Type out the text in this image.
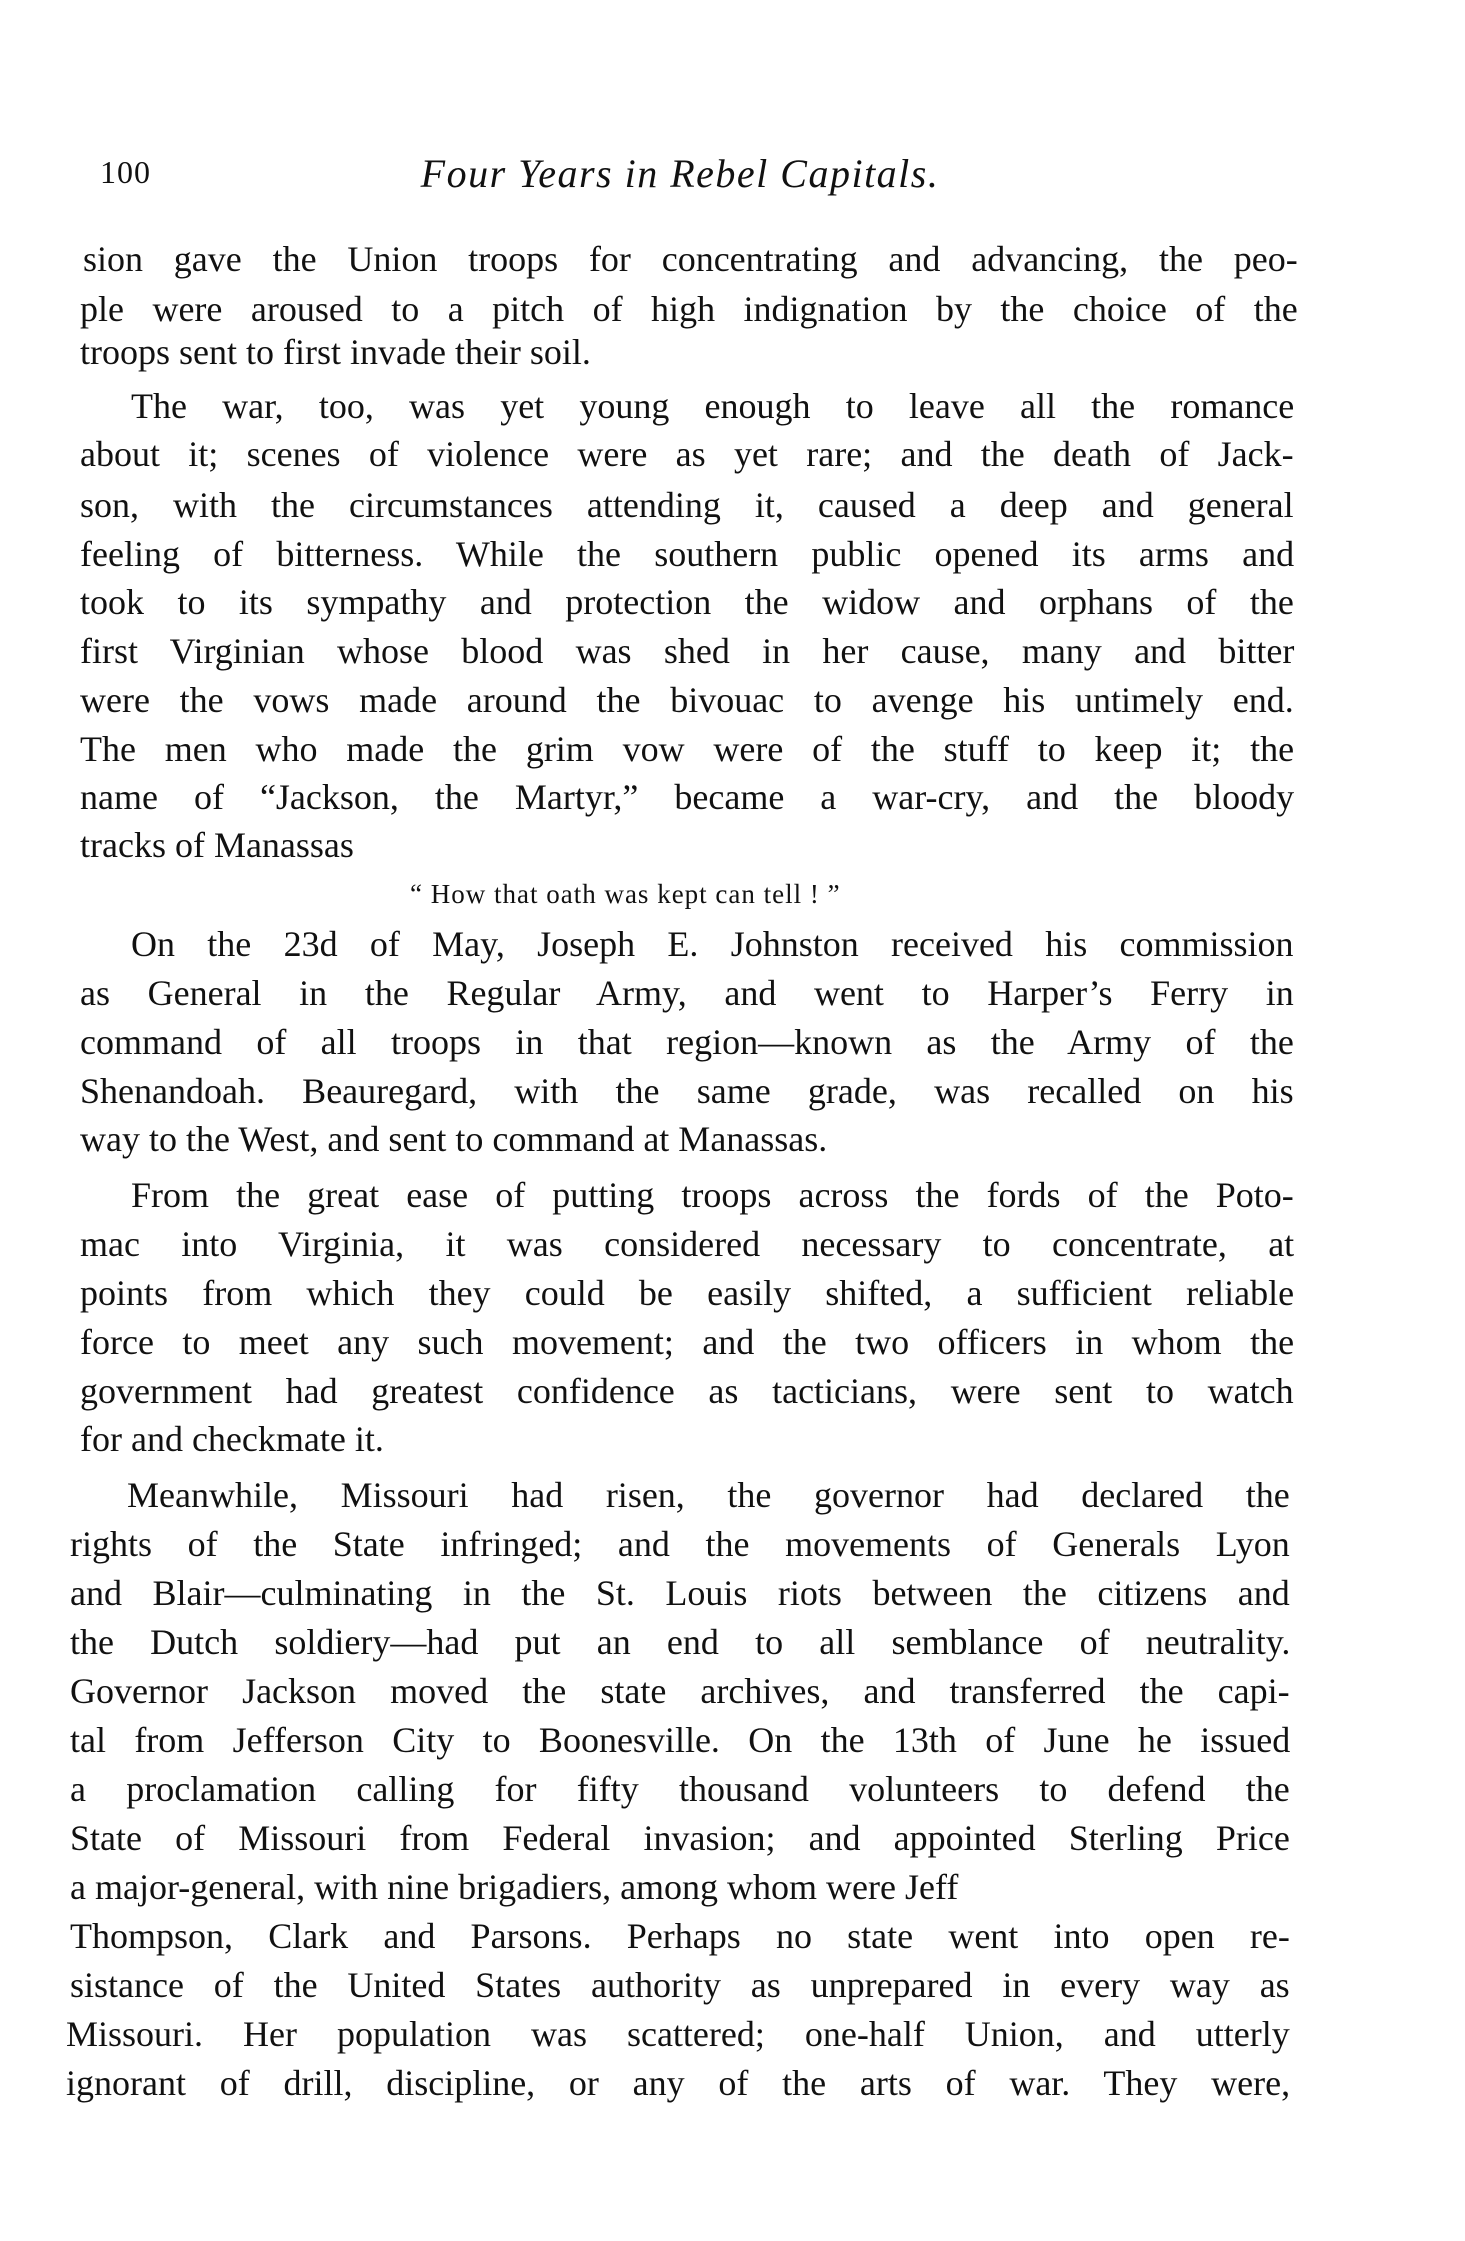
100	Four Years in Rebel Capitals.
sion gave the Union troops for concentrating and advancing, the peo-
ple were aroused to a pitch of high indignation by the choice of the
troops sent to first invade their soil.
The war, too, was yet young enough to leave all the romance
about it; scenes of violence were as yet rare; and the death of Jack-
son, with the circumstances attending it, caused a deep and general
feeling of bitterness. While the southern public opened its arms and
took to its sympathy and protection the widow and orphans of the
first Virginian whose blood was shed in her cause, many and bitter
were the vows made around the bivouac to avenge his untimely end.
The men who made the grim vow were of the stuff to keep it; the
name of “Jackson, the Martyr,” became a war-cry, and the bloody
tracks of Manassas
“ How that oath was kept can tell ! ”
On the 23d of May, Joseph E. Johnston received his commission
as General in the Regular Army, and went to Harper’s Ferry in
command of all troops in that region—known as the Army of the
Shenandoah. Beauregard, with the same grade, was recalled on his
way to the West, and sent to command at Manassas.
From the great ease of putting troops across the fords of the Poto-
mac into Virginia, it was considered necessary to concentrate, at
points from which they could be easily shifted, a sufficient reliable
force to meet any such movement; and the two officers in whom the
government had greatest confidence as tacticians, were sent to watch
for and checkmate it.
Meanwhile, Missouri had risen, the governor had declared the
rights of the State infringed; and the movements of Generals Lyon
and Blair—culminating in the St. Louis riots between the citizens and
the Dutch soldiery—had put an end to all semblance of neutrality.
Governor Jackson moved the state archives, and transferred the capi-
tal from Jefferson City to Boonesville. On the 13th of June he issued
a proclamation calling for fifty thousand volunteers to defend the
State of Missouri from Federal invasion; and appointed Sterling Price
a major-general, with nine brigadiers, among whom were Jeff
Thompson, Clark and Parsons. Perhaps no state went into open re-
sistance of the United States authority as unprepared in every way as
Missouri. Her population was scattered; one-half Union, and utterly
ignorant of drill, discipline, or any of the arts of war. They were,
